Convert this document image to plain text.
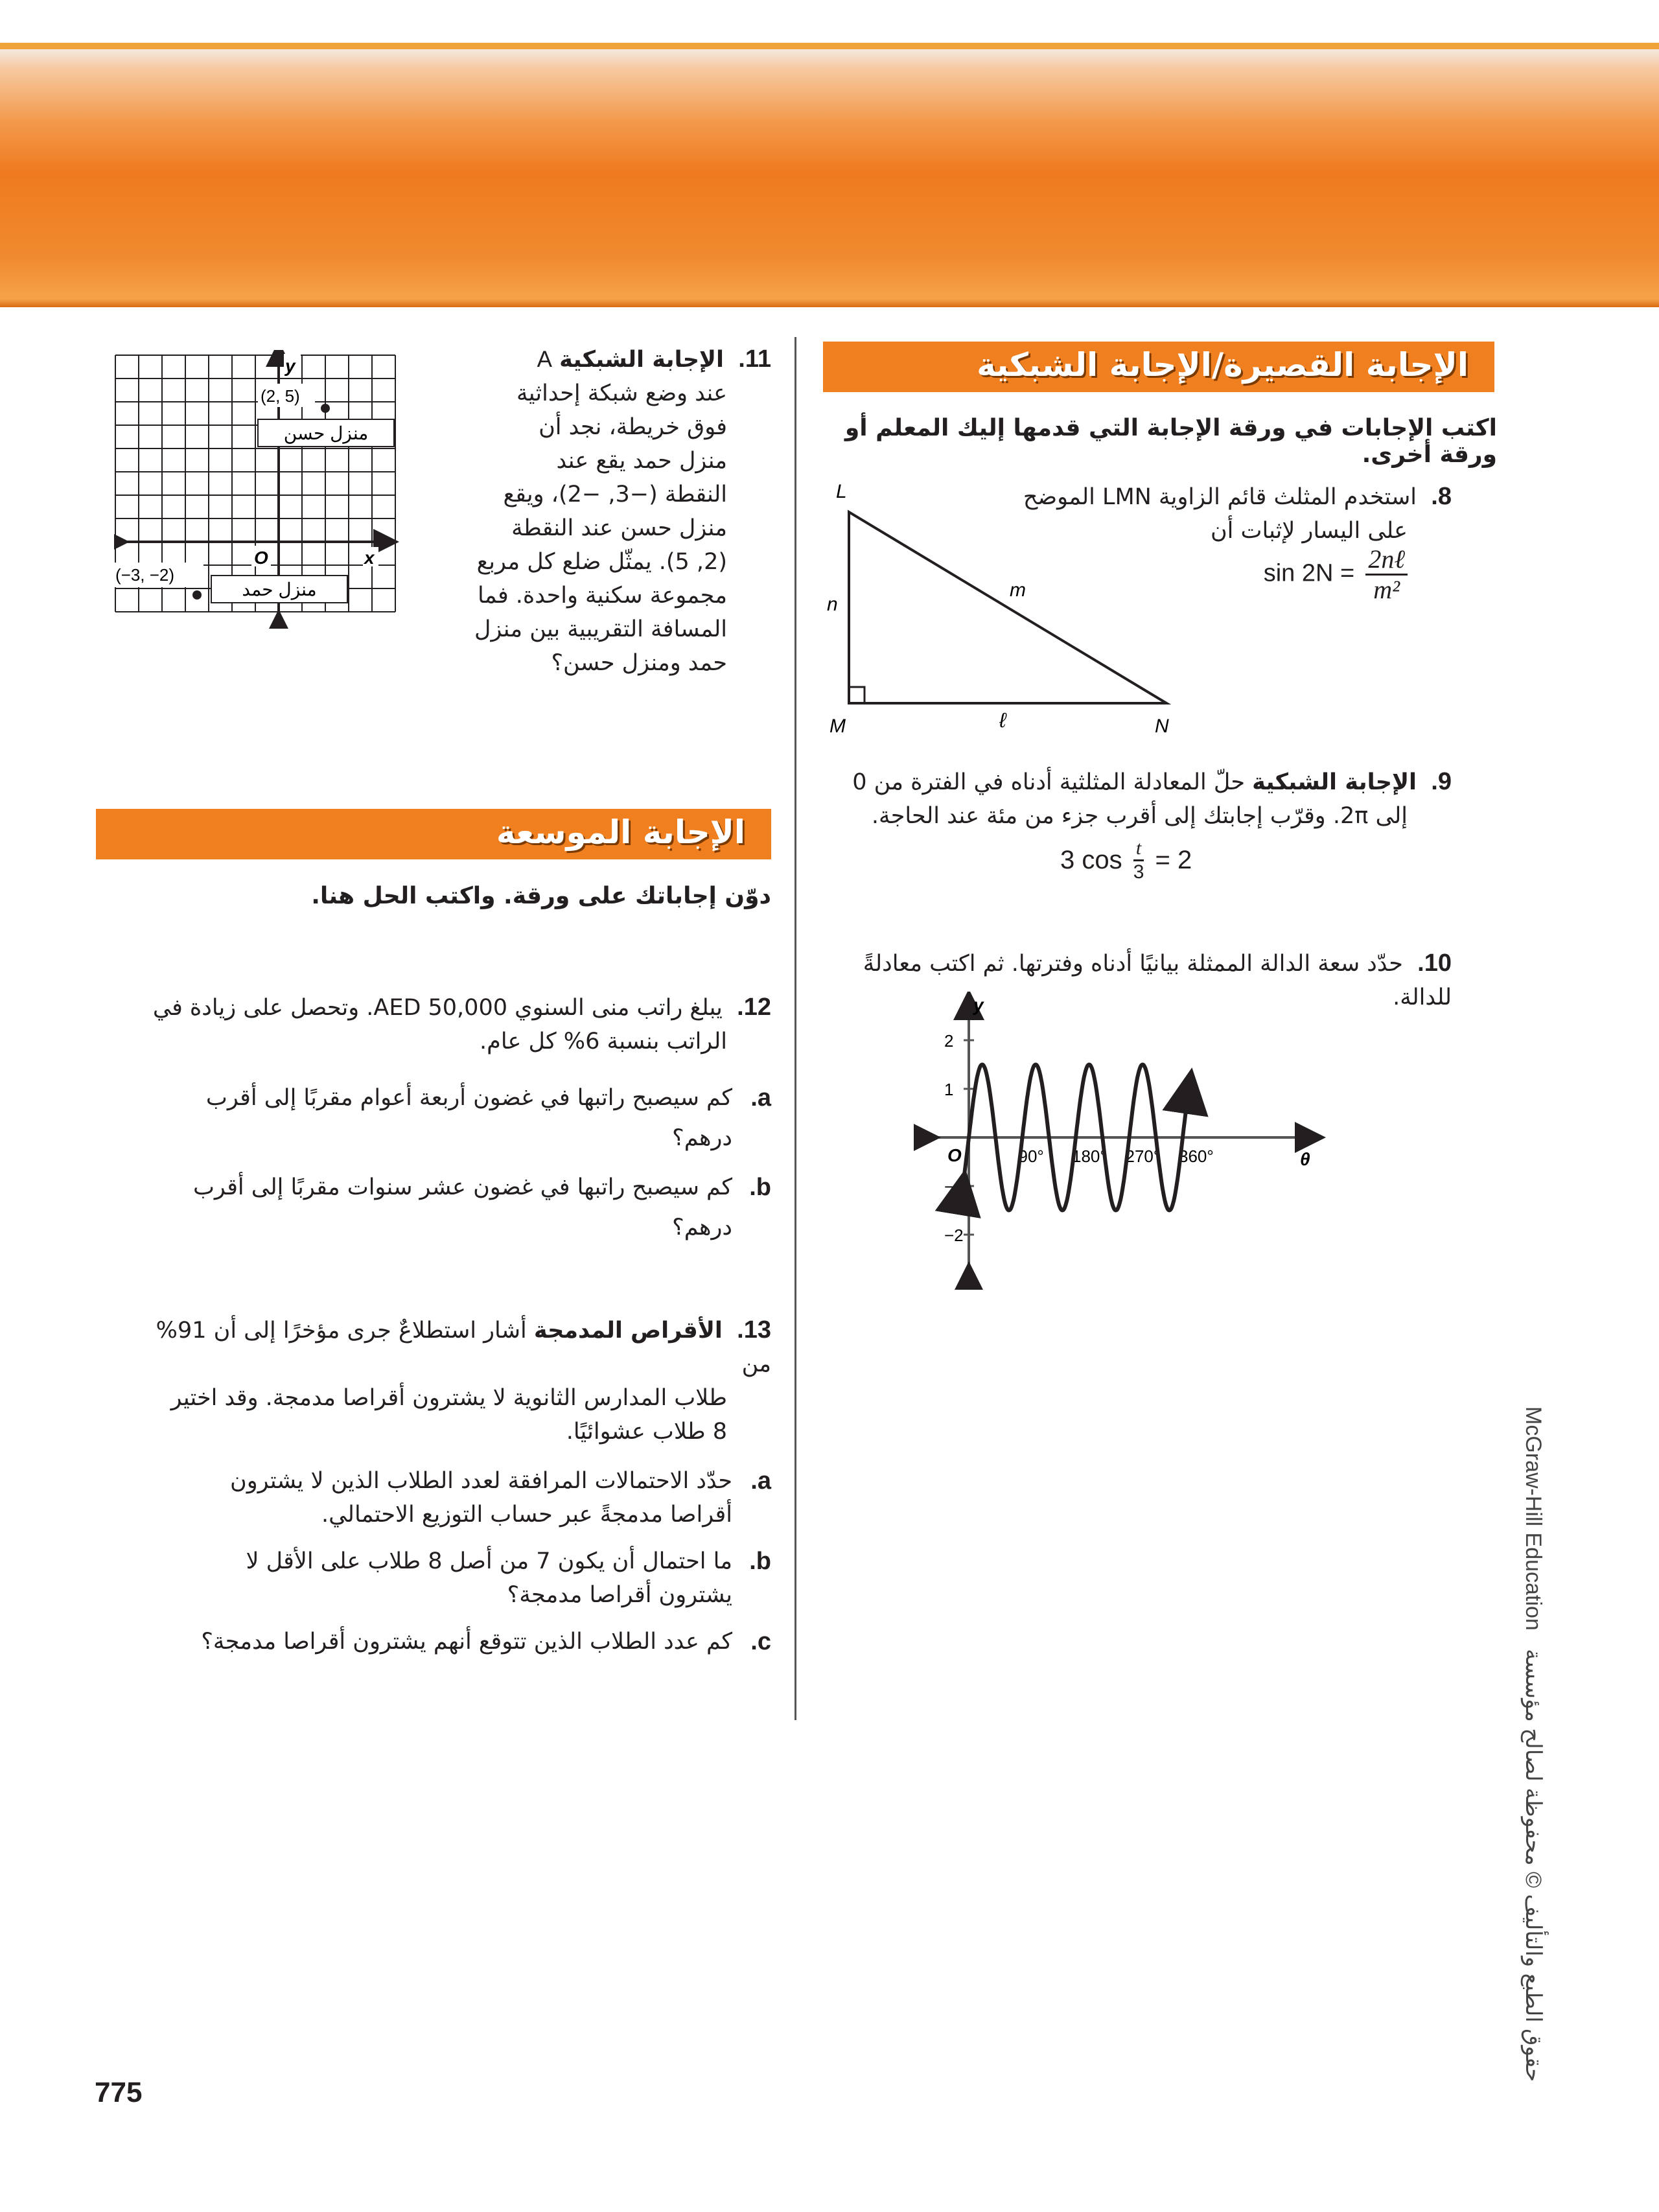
الإجابة القصيرة/الإجابة الشبكية
اكتب الإجابات في ورقة الإجابة التي قدمها إليك المعلم أو ورقة أخرى.
8.  استخدم المثلث قائم الزاوية LMN الموضح
على اليسار لإثبات أن
sin 2N = 2nℓ
m²
L
M	N
n
m
ℓ
9.  الإجابة الشبكية حلّ المعادلة المثلثية أدناه في الفترة من 0
إلى 2π. وقرّب إجابتك إلى أقرب جزء من مئة عند الحاجة.
3 $\cos \frac{t}{3} = 2$
10.  حدّد سعة الدالة الممثلة بيانيًا أدناه وفترتها. ثم اكتب معادلةً للدالة.
2
1
−1
−2
90° 180° 270° 360°
y
θ
O
(2, 5)
(−3, −2)
منزل حسن
منزل حمد
y
x
O
11.  الإجابة الشبكية A
عند وضع شبكة إحداثية
فوق خريطة، نجد أن
منزل حمد يقع عند
النقطة (−3, −2)، ويقع
منزل حسن عند النقطة
(2, 5). يمثّل ضلع كل مربع
مجموعة سكنية واحدة. فما
المسافة التقريبية بين منزل
حمد ومنزل حسن؟
الإجابة الموسعة
دوّن إجاباتك على ورقة. واكتب الحل هنا.
12.  يبلغ راتب منى السنوي AED 50,000. وتحصل على زيادة في
الراتب بنسبة 6% كل عام.
a.
كم سيصبح راتبها في غضون أربعة أعوام مقربًا إلى أقرب درهم؟
b.
كم سيصبح راتبها في غضون عشر سنوات مقربًا إلى أقرب درهم؟
13.  الأقراص المدمجة أشار استطلاعٌ جرى مؤخرًا إلى أن 91% من
طلاب المدارس الثانوية لا يشترون أقراصا مدمجة. وقد اختير
8 طلاب عشوائيًا.
a.
حدّد الاحتمالات المرافقة لعدد الطلاب الذين لا يشترون أقراصا مدمجةً عبر حساب التوزيع الاحتمالي.
b.
ما احتمال أن يكون 7 من أصل 8 طلاب على الأقل لا يشترون أقراصا مدمجة؟
c.
كم عدد الطلاب الذين تتوقع أنهم يشترون أقراصا مدمجة؟
McGraw-Hill Education   حقوق الطبع والتأليف © محفوظة لصالح مؤسسة
775
